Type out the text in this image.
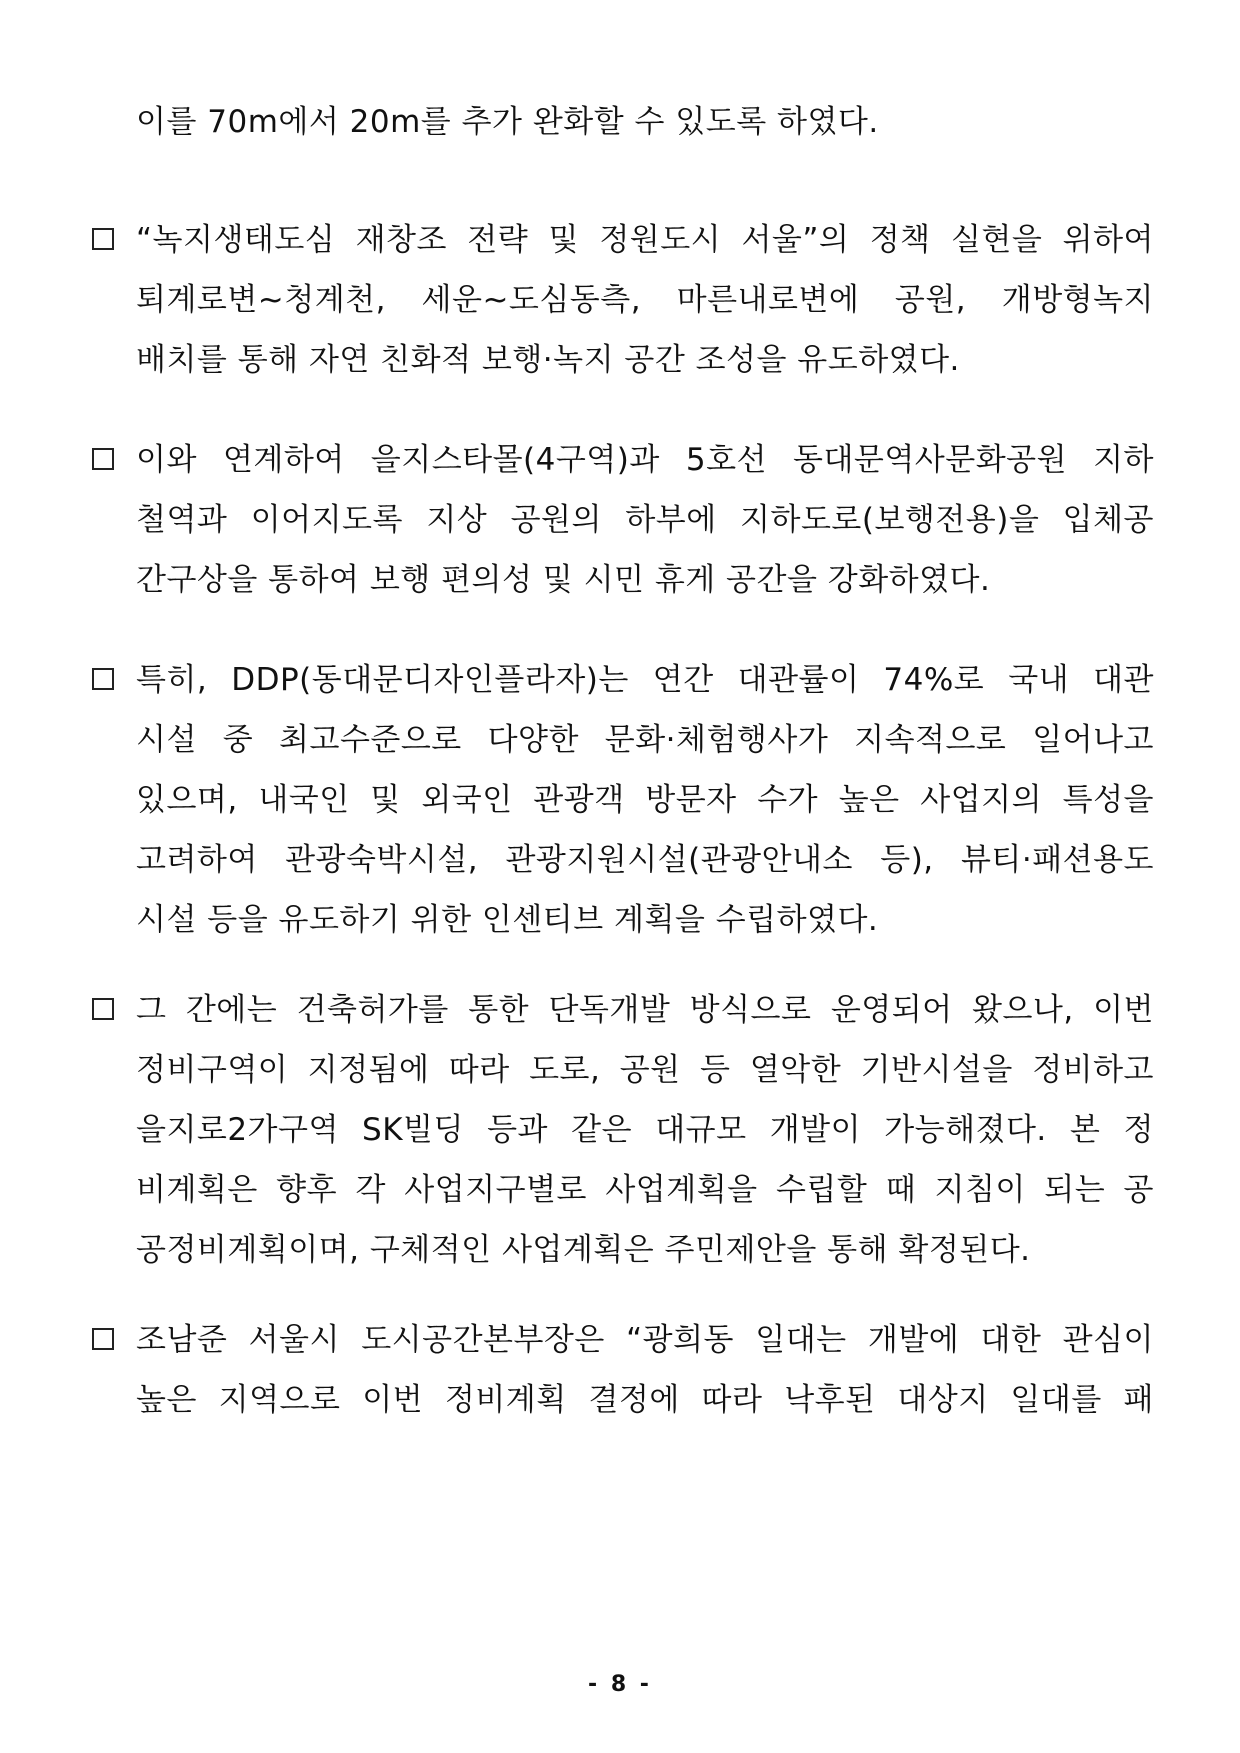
이를 70m에서 20m를 추가 완화할 수 있도록 하였다.
“녹지생태도심 재창조 전략 및 정원도시 서울”의 정책 실현을 위하여
퇴계로변~청계천, 세운~도심동측, 마른내로변에 공원, 개방형녹지
배치를 통해 자연 친화적 보행·녹지 공간 조성을 유도하였다.
이와 연계하여 을지스타몰(4구역)과 5호선 동대문역사문화공원 지하
철역과 이어지도록 지상 공원의 하부에 지하도로(보행전용)을 입체공
간구상을 통하여 보행 편의성 및 시민 휴게 공간을 강화하였다.
특히, DDP(동대문디자인플라자)는 연간 대관률이 74%로 국내 대관
시설 중 최고수준으로 다양한 문화·체험행사가 지속적으로 일어나고
있으며, 내국인 및 외국인 관광객 방문자 수가 높은 사업지의 특성을
고려하여 관광숙박시설, 관광지원시설(관광안내소 등), 뷰티·패션용도
시설 등을 유도하기 위한 인센티브 계획을 수립하였다.
그 간에는 건축허가를 통한 단독개발 방식으로 운영되어 왔으나, 이번
정비구역이 지정됨에 따라 도로, 공원 등 열악한 기반시설을 정비하고
을지로2가구역 SK빌딩 등과 같은 대규모 개발이 가능해졌다. 본 정
비계획은 향후 각 사업지구별로 사업계획을 수립할 때 지침이 되는 공
공정비계획이며, 구체적인 사업계획은 주민제안을 통해 확정된다.
조남준 서울시 도시공간본부장은 “광희동 일대는 개발에 대한 관심이
높은 지역으로 이번 정비계획 결정에 따라 낙후된 대상지 일대를 패
- 8 -
